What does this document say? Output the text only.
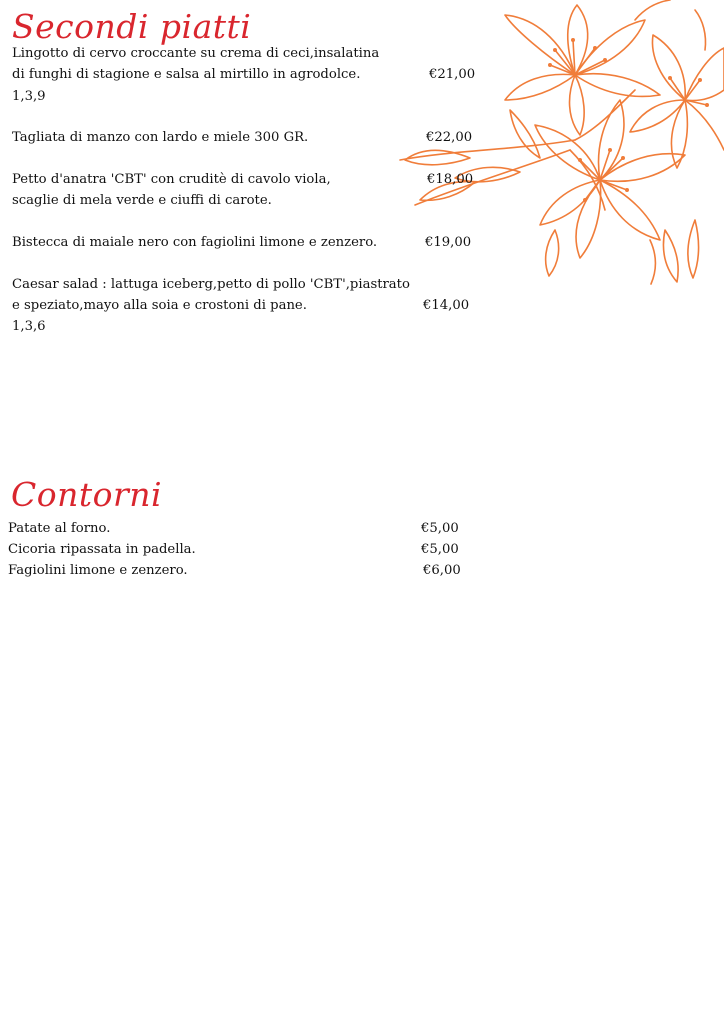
Secondi piatti
Lingotto di cervo croccante su crema di ceci,insalatina
di funghi di stagione e salsa al mirtillo in agrodolce.	€21,00
1,3,9
Tagliata di manzo con lardo e miele 300 GR.	€22,00
Petto d'anatra 'CBT' con cruditè di cavolo viola,	€18,00
scaglie di mela verde e ciuffi di carote.
Bistecca di maiale nero con fagiolini limone e zenzero.	€19,00
Caesar salad : lattuga iceberg,petto di pollo 'CBT',piastrato
e speziato,mayo alla soia e crostoni di pane.	€14,00
1,3,6
Contorni
Patate al forno.	€5,00
Cicoria ripassata in padella.	€5,00
Fagiolini limone e zenzero.	€6,00
